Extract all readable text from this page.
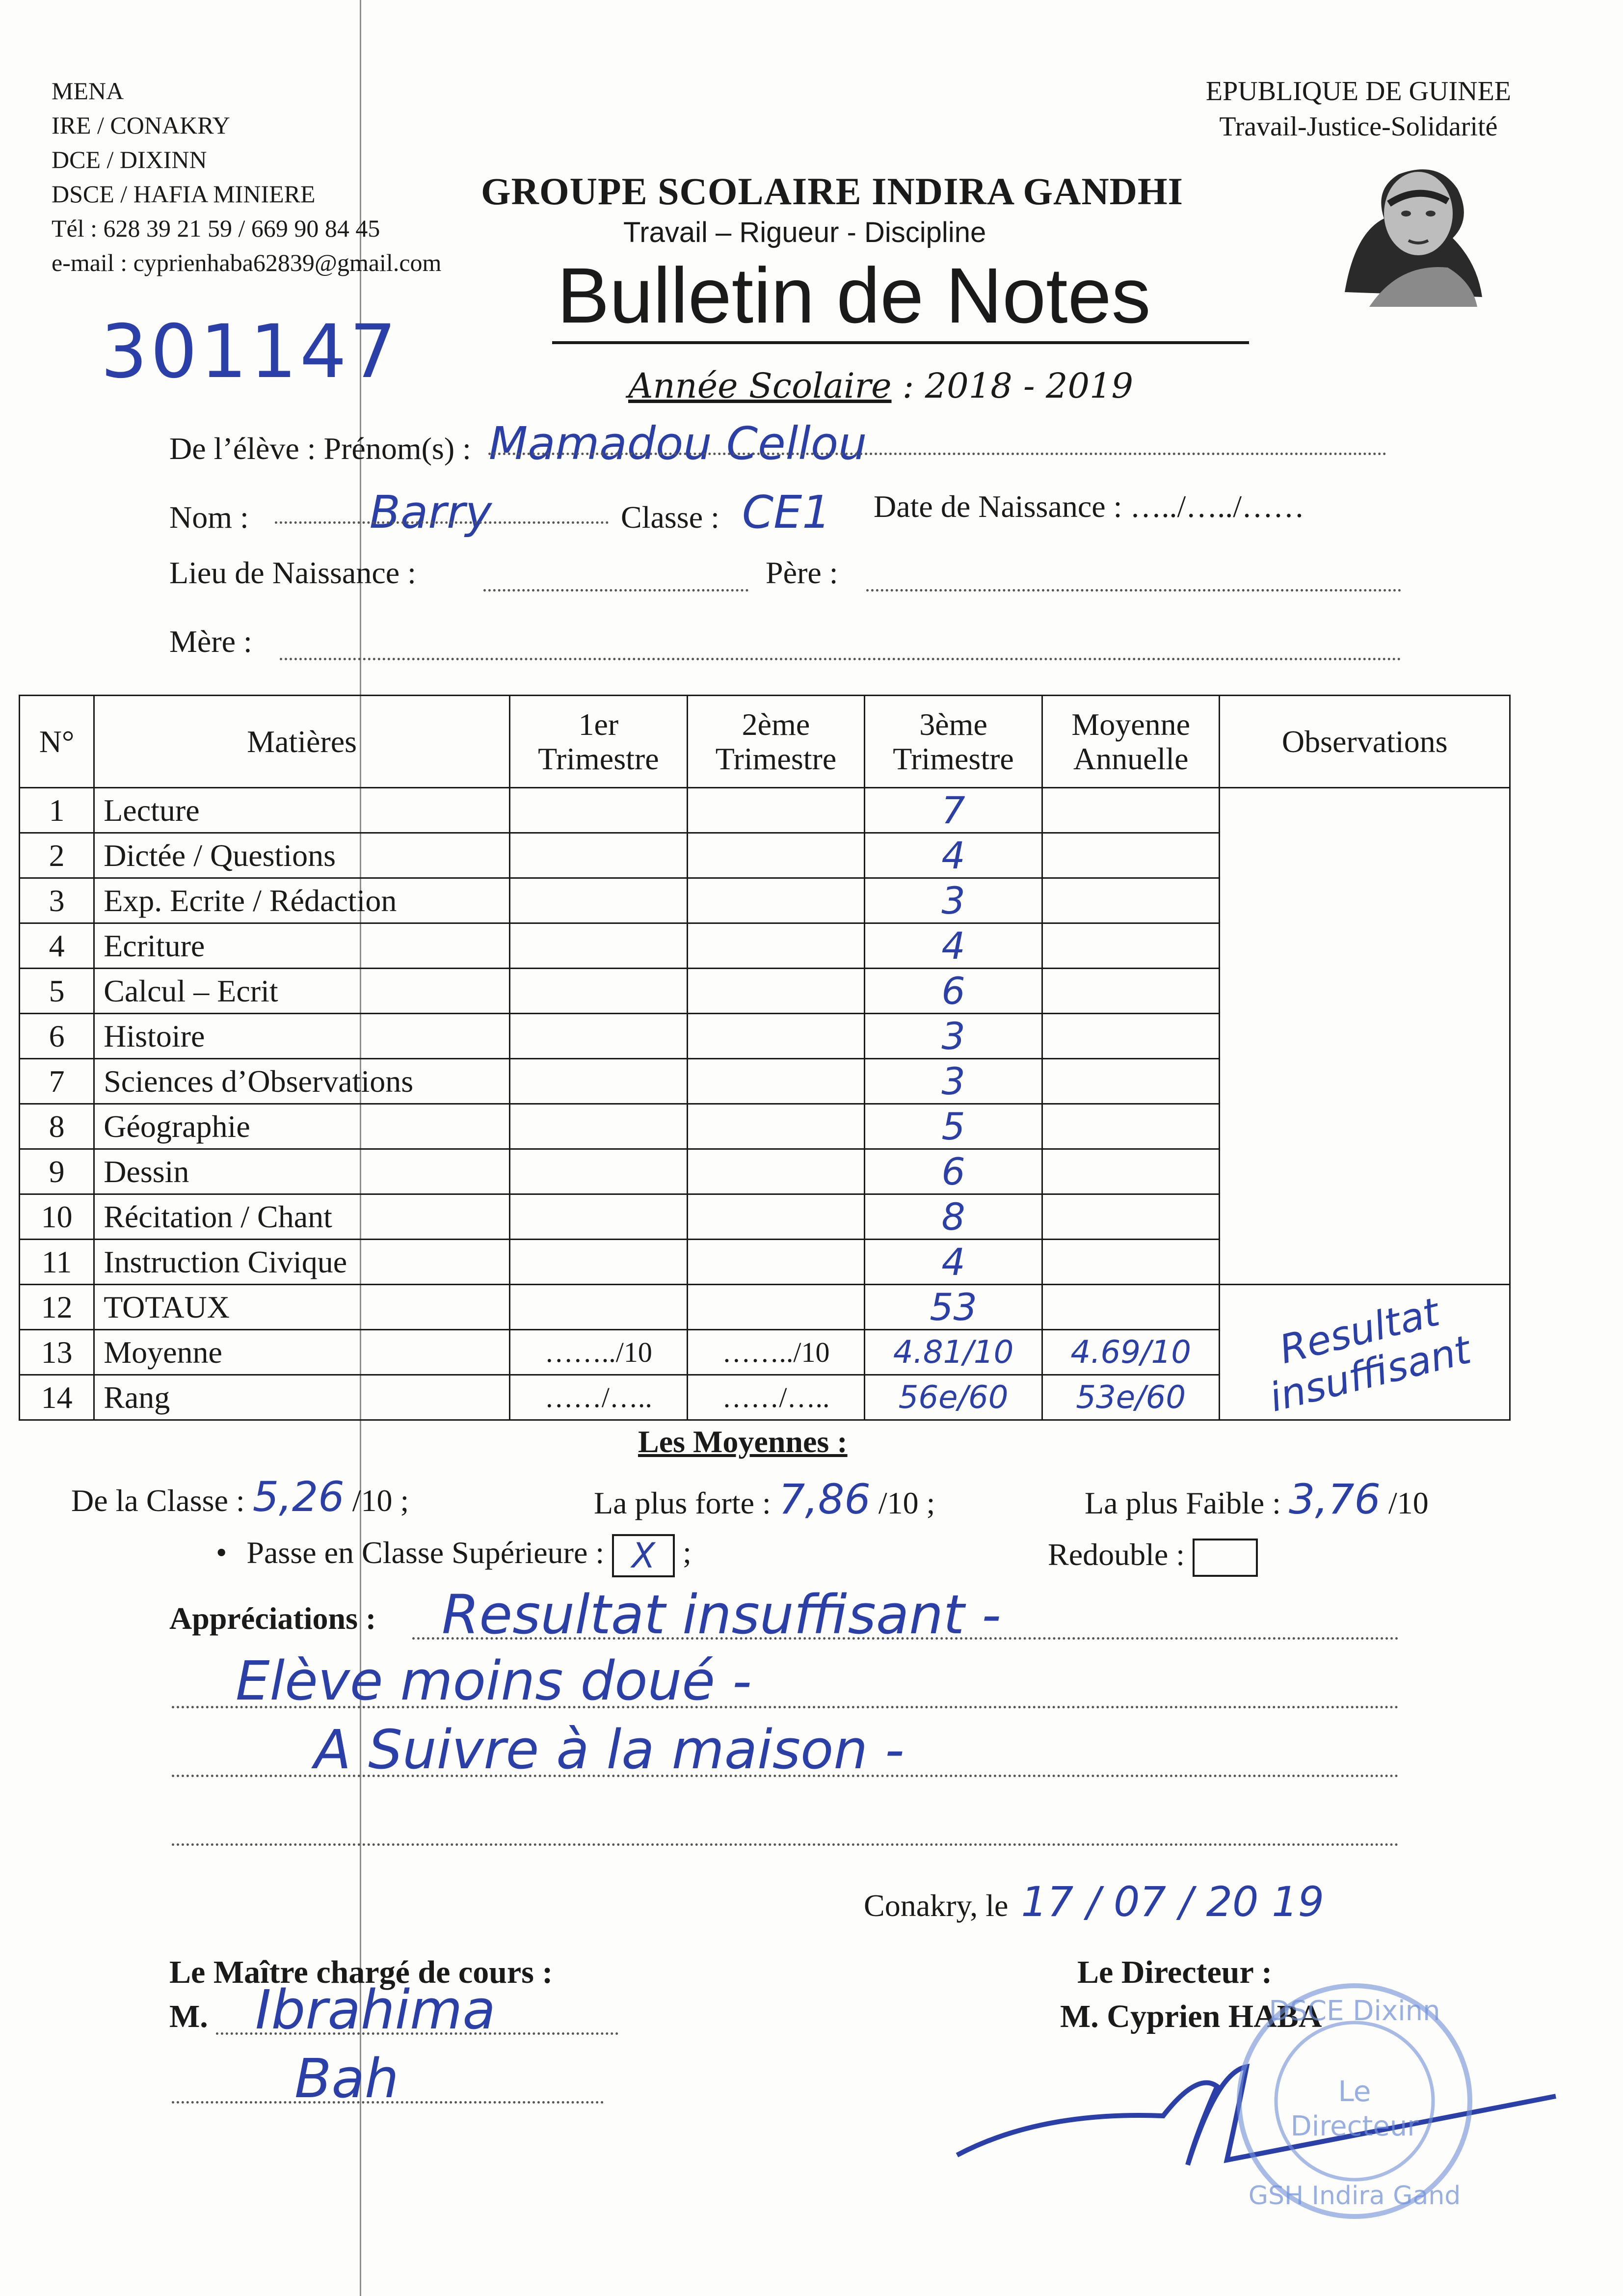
MENA
IRE / CONAKRY
DCE / DIXINN
DSCE / HAFIA MINIERE
Tél : 628 39 21 59 / 669 90 84 45
e-mail : cyprienhaba62839@gmail.com
EPUBLIQUE DE GUINEE
Travail-Justice-Solidarité
GROUPE SCOLAIRE INDIRA GANDHI
Travail – Rigueur - Discipline
Bulletin de Notes
301147	Année Scolaire : 2018 - 2019
De l’élève : Prénom(s) : Mamadou Cellou
Nom :	Barry	Classe : CE1 Date de Naissance : …../…../……
Lieu de Naissance :	Père :
Mère :
N°	Matières	1er Trimestre	2ème Trimestre	3ème Trimestre	Moyenne Annuelle	Observations
1	Lecture			7		
2	Dictée / Questions			4		
3	Exp. Ecrite / Rédaction			3		
4	Ecriture			4		
5	Calcul – Ecrit			6		
6	Histoire			3		
7	Sciences d’Observations			3		
8	Géographie			5		
9	Dessin			6		
10	Récitation / Chant			8		
11	Instruction Civique			4		
12	TOTAUX			53		Resultat insuffisant
13	Moyenne	……../10	……../10	4.81/10	4.69/10	
14	Rang	……/…..	……/…..	56e/60	53e/60	
Les Moyennes :
De la Classe : 5,26 /10 ;	La plus forte : 7,86 /10 ;	La plus Faible : 3,76 /10
• Passe en Classe Supérieure : X ;	Redouble :
Appréciations : Resultat insuffisant -
Elève moins doué -
A Suivre à la maison -
Conakry, le 17 / 07 / 20 19
Le Maître chargé de cours :
M. Ibrahima
Bah
Le Directeur :
M. Cyprien HABA
DSCE Dixinn
Le
Directeur
GSH Indira Gand
